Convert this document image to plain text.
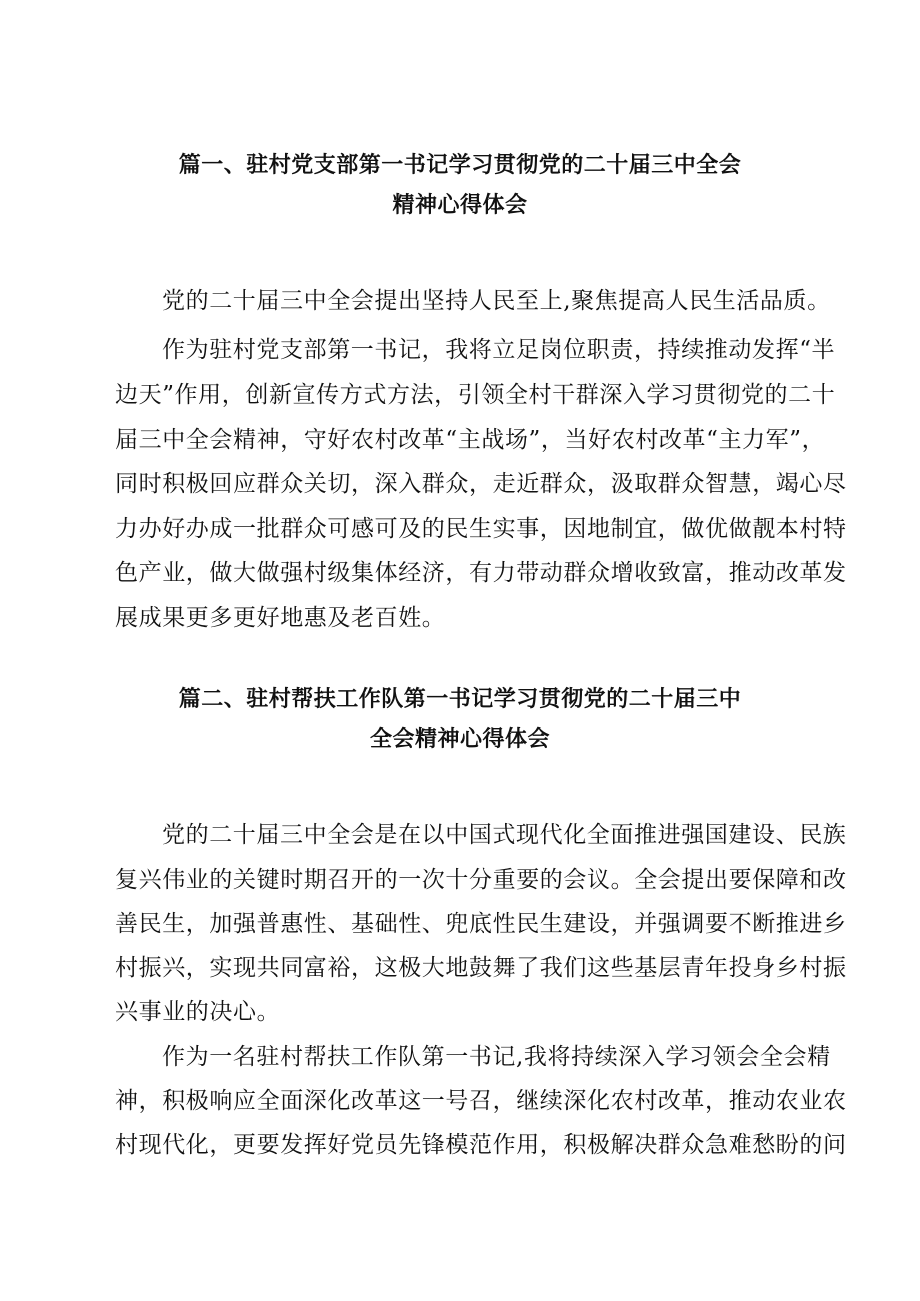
篇一、驻村党支部第一书记学习贯彻党的二十届三中全会
精神心得体会
党的二十届三中全会提出坚持人民至上,聚焦提高人民生活品质。
作为驻村党支部第一书记，我将立足岗位职责，持续推动发挥“半
边天”作用，创新宣传方式方法，引领全村干群深入学习贯彻党的二十
届三中全会精神，守好农村改革“主战场”，当好农村改革“主力军”，
同时积极回应群众关切，深入群众，走近群众，汲取群众智慧，竭心尽
力办好办成一批群众可感可及的民生实事，因地制宜，做优做靓本村特
色产业，做大做强村级集体经济，有力带动群众增收致富，推动改革发
展成果更多更好地惠及老百姓。
篇二、驻村帮扶工作队第一书记学习贯彻党的二十届三中
全会精神心得体会
党的二十届三中全会是在以中国式现代化全面推进强国建设、民族
复兴伟业的关键时期召开的一次十分重要的会议。全会提出要保障和改
善民生，加强普惠性、基础性、兜底性民生建设，并强调要不断推进乡
村振兴，实现共同富裕，这极大地鼓舞了我们这些基层青年投身乡村振
兴事业的决心。
作为一名驻村帮扶工作队第一书记,我将持续深入学习领会全会精
神，积极响应全面深化改革这一号召，继续深化农村改革，推动农业农
村现代化，更要发挥好党员先锋模范作用，积极解决群众急难愁盼的问
